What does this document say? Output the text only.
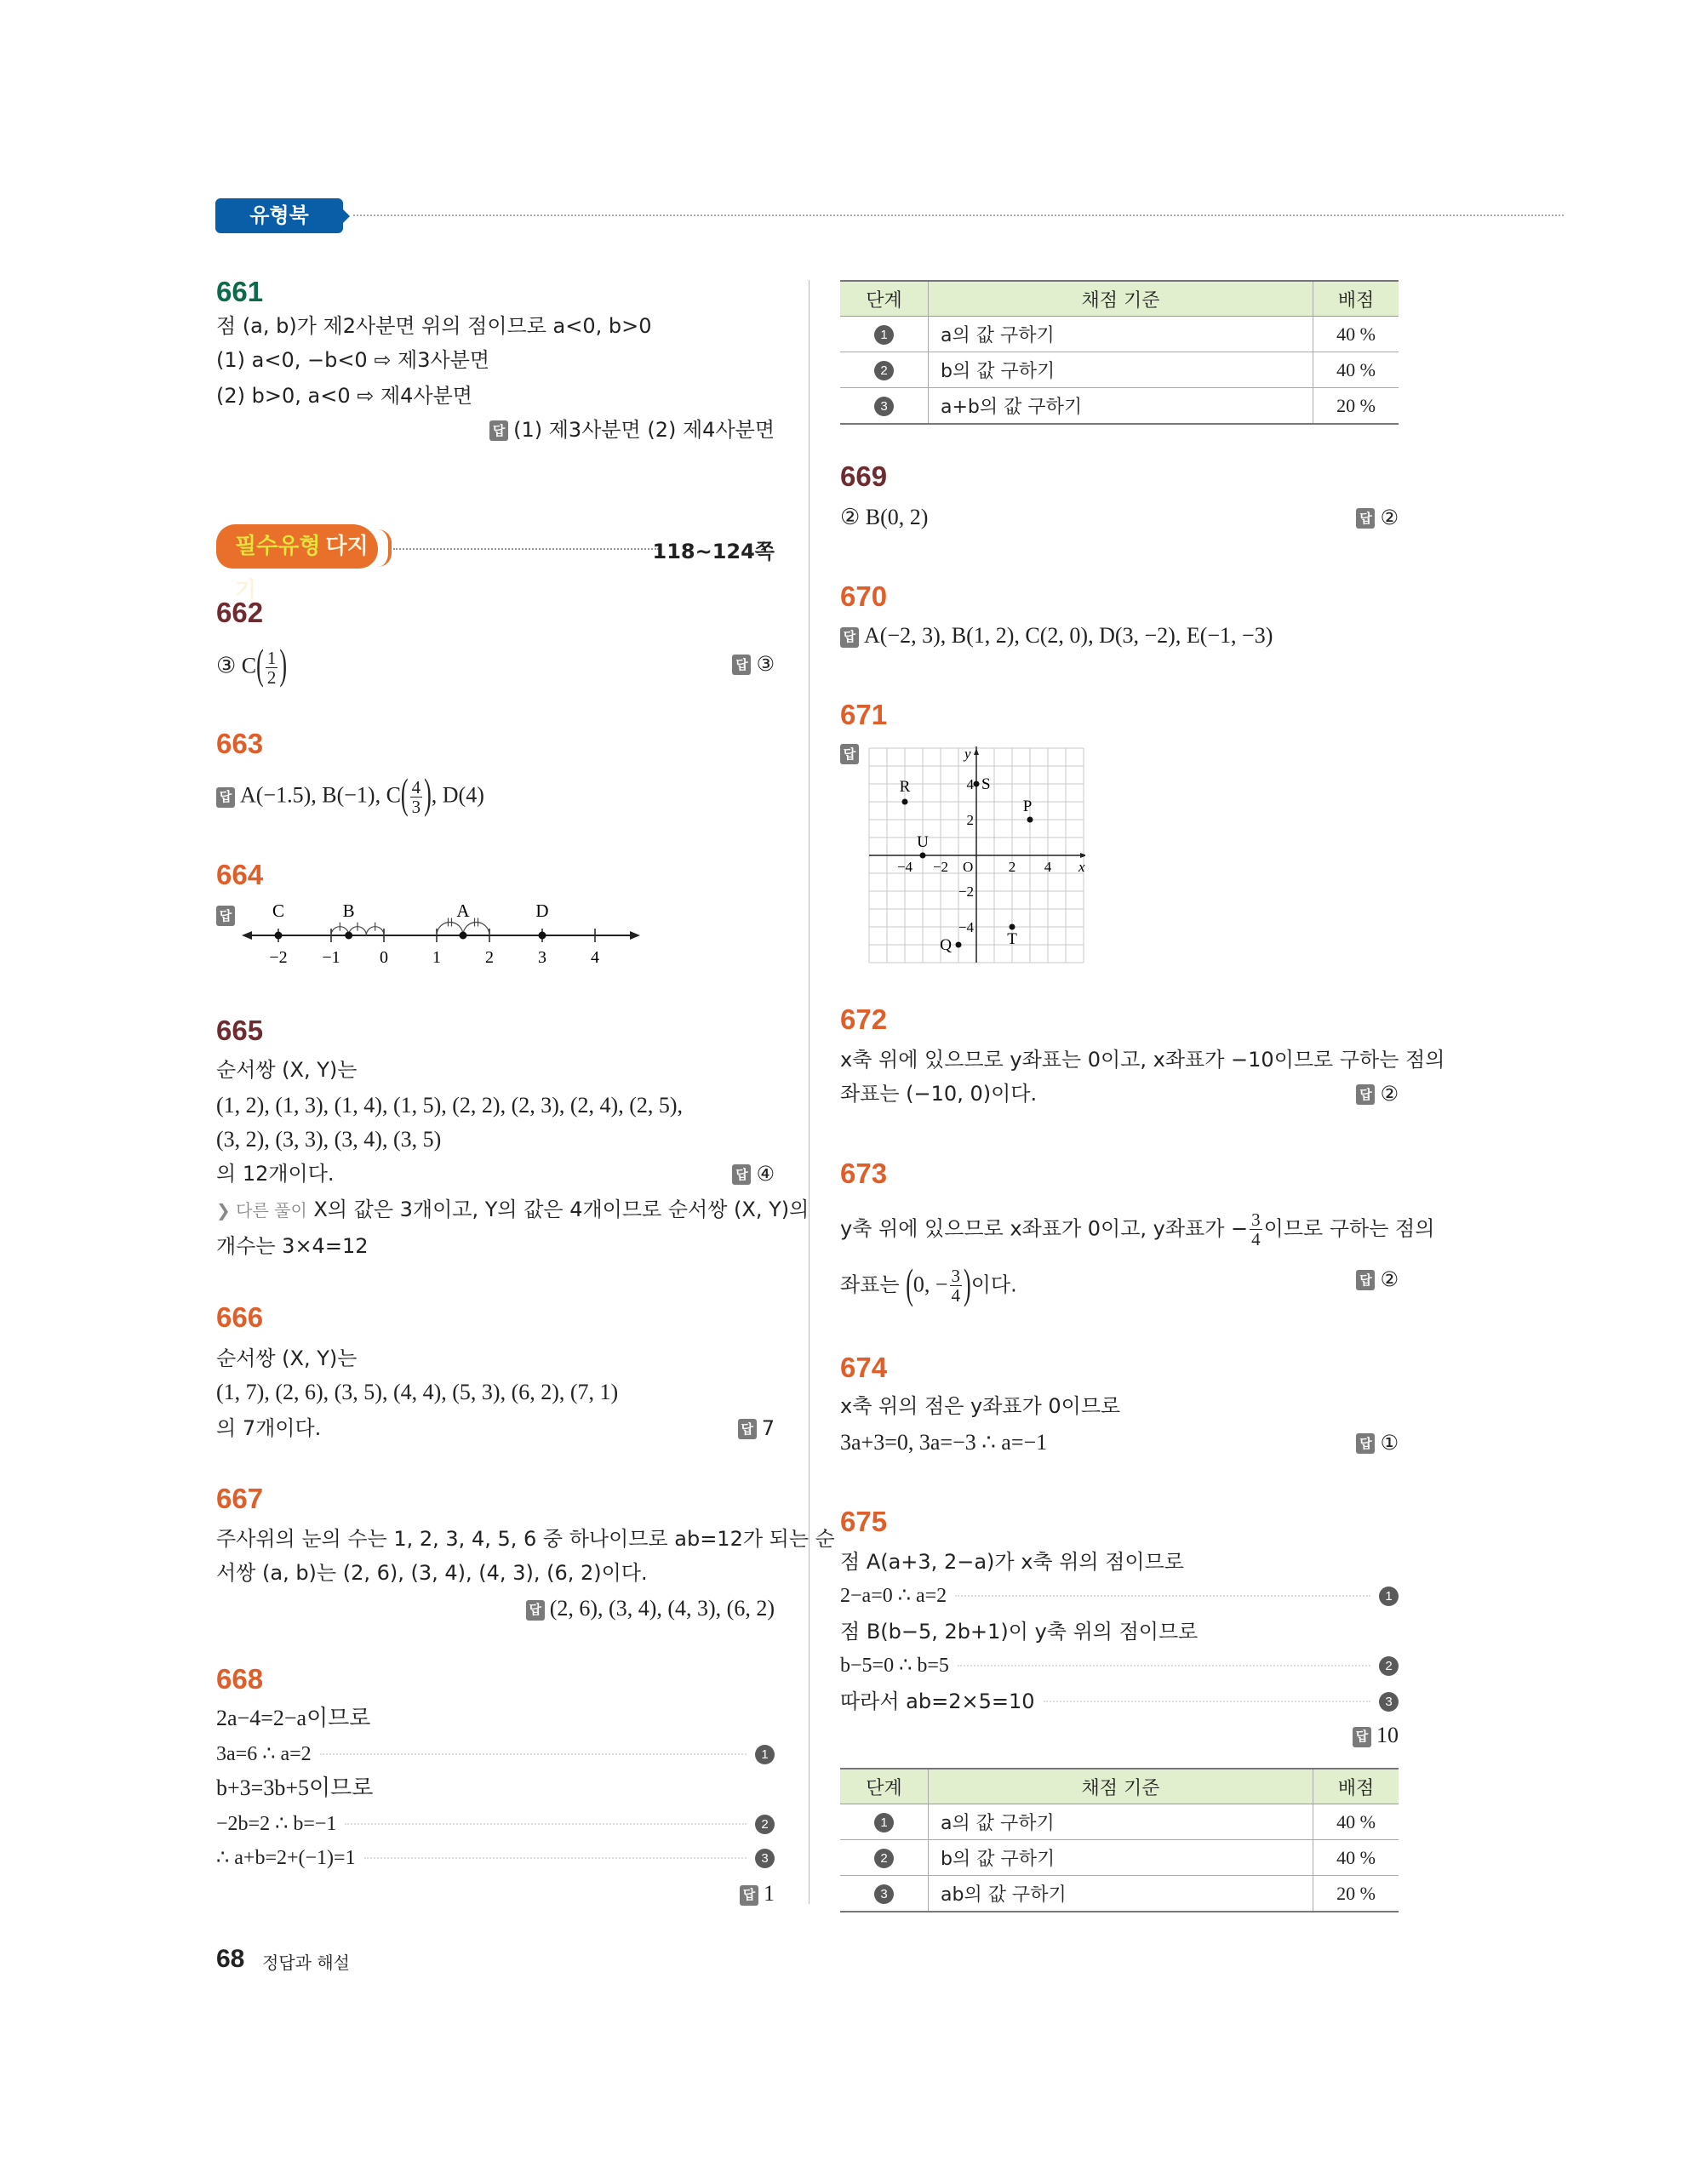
유형북
661
점 (a, b)가 제2사분면 위의 점이므로 a<0, b>0
(1) a<0, −b<0 ⇨ 제3사분면
(2) b>0, a<0 ⇨ 제4사분면
답 (1) 제3사분면 (2) 제4사분면
필수유형 다지기
118~124쪽
662
③ $C( \frac{1}{2}$ )	답 ③
663
답 A(−1.5), B(−1), $C( \frac{4}{3}$ ), D(4)
664
답
−2 −1 0	1	2	3	4
C	B	A	D
665
순서쌍 (X, Y)는
(1, 2), (1, 3), (1, 4), (1, 5), (2, 2), (2, 3), (2, 4), (2, 5),
(3, 2), (3, 3), (3, 4), (3, 5)
의 12개이다.	답 ④
❯ 다른 풀이 X의 값은 3개이고, Y의 값은 4개이므로 순서쌍 (X, Y)의
개수는 3×4=12
666
순서쌍 (X, Y)는
(1, 7), (2, 6), (3, 5), (4, 4), (5, 3), (6, 2), (7, 1)
의 7개이다.	답 7
667
주사위의 눈의 수는 1, 2, 3, 4, 5, 6 중 하나이므로 ab=12가 되는 순
서쌍 (a, b)는 (2, 6), (3, 4), (4, 3), (6, 2)이다.
답 (2, 6), (3, 4), (4, 3), (6, 2)
668
2a−4=2−a이므로
3a=6 ∴ a=2	1
b+3=3b+5이므로
−2b=2 ∴ b=−1	2
∴ a+b=2+(−1)=1	3
답 1
단계	채점 기준	배점
1	a의 값 구하기	40 %
2	b의 값 구하기	40 %
3	a+b의 값 구하기	20 %
669
② B(0, 2)	답 ②
670
답 A(−2, 3), B(1, 2), C(2, 0), D(3, −2), E(−1, −3)
671
답
x
y
O
−4 −2	2 4
4
2
−2
−4
R	S
P
U
Q	T
672
x축 위에 있으므로 y좌표는 0이고, x좌표가 −10이므로 구하는 점의
좌표는 (−10, 0)이다.	답 ②
673
y축 위에 있으므로 x좌표가 0이고, y좌표가 − $\frac{3}{4}$ 이므로 구하는 점의
좌표는 (0, − $\frac{3}{4}$ )이다.	답 ②
674
x축 위의 점은 y좌표가 0이므로
3a+3=0, 3a=−3 ∴ a=−1	답 ①
675
점 A(a+3, 2−a)가 x축 위의 점이므로
2−a=0 ∴ a=2	1
점 B(b−5, 2b+1)이 y축 위의 점이므로
b−5=0 ∴ b=5	2
따라서 ab=2×5=10	3
답 10
단계	채점 기준	배점
1	a의 값 구하기	40 %
2	b의 값 구하기	40 %
3	ab의 값 구하기	20 %
68 정답과 해설
